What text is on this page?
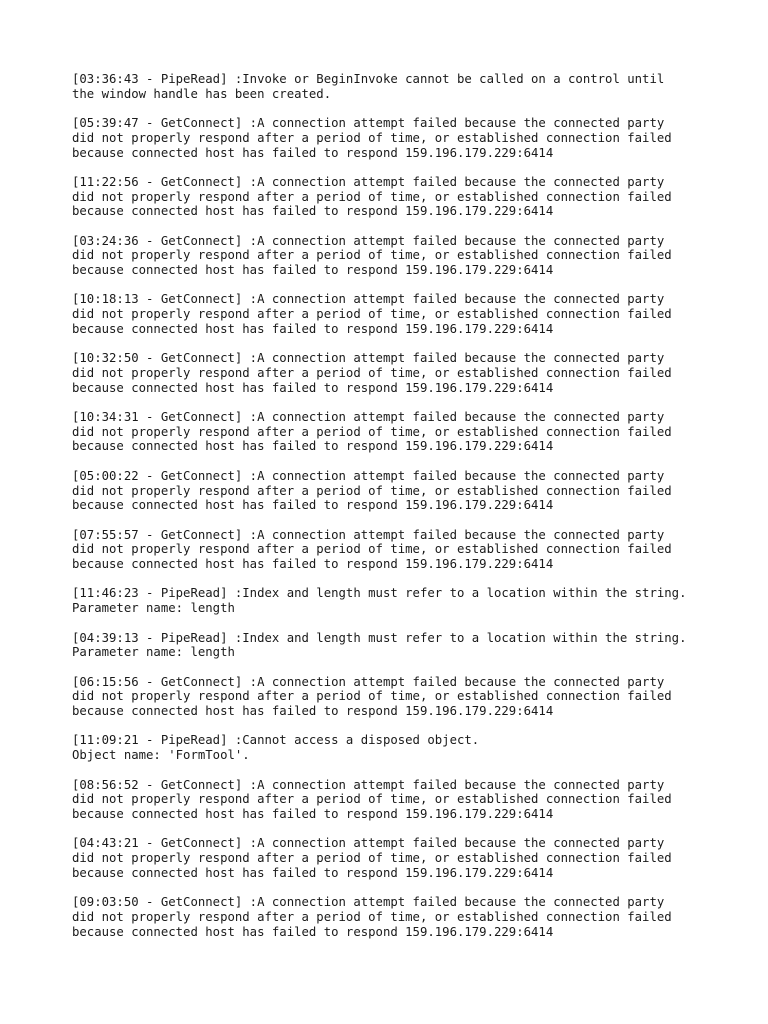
[03:36:43 - PipeRead] :Invoke or BeginInvoke cannot be called on a control until
the window handle has been created.
[05:39:47 - GetConnect] :A connection attempt failed because the connected party
did not properly respond after a period of time, or established connection failed
because connected host has failed to respond 159.196.179.229:6414
[11:22:56 - GetConnect] :A connection attempt failed because the connected party
did not properly respond after a period of time, or established connection failed
because connected host has failed to respond 159.196.179.229:6414
[03:24:36 - GetConnect] :A connection attempt failed because the connected party
did not properly respond after a period of time, or established connection failed
because connected host has failed to respond 159.196.179.229:6414
[10:18:13 - GetConnect] :A connection attempt failed because the connected party
did not properly respond after a period of time, or established connection failed
because connected host has failed to respond 159.196.179.229:6414
[10:32:50 - GetConnect] :A connection attempt failed because the connected party
did not properly respond after a period of time, or established connection failed
because connected host has failed to respond 159.196.179.229:6414
[10:34:31 - GetConnect] :A connection attempt failed because the connected party
did not properly respond after a period of time, or established connection failed
because connected host has failed to respond 159.196.179.229:6414
[05:00:22 - GetConnect] :A connection attempt failed because the connected party
did not properly respond after a period of time, or established connection failed
because connected host has failed to respond 159.196.179.229:6414
[07:55:57 - GetConnect] :A connection attempt failed because the connected party
did not properly respond after a period of time, or established connection failed
because connected host has failed to respond 159.196.179.229:6414
[11:46:23 - PipeRead] :Index and length must refer to a location within the string.
Parameter name: length
[04:39:13 - PipeRead] :Index and length must refer to a location within the string.
Parameter name: length
[06:15:56 - GetConnect] :A connection attempt failed because the connected party
did not properly respond after a period of time, or established connection failed
because connected host has failed to respond 159.196.179.229:6414
[11:09:21 - PipeRead] :Cannot access a disposed object.
Object name: 'FormTool'.
[08:56:52 - GetConnect] :A connection attempt failed because the connected party
did not properly respond after a period of time, or established connection failed
because connected host has failed to respond 159.196.179.229:6414
[04:43:21 - GetConnect] :A connection attempt failed because the connected party
did not properly respond after a period of time, or established connection failed
because connected host has failed to respond 159.196.179.229:6414
[09:03:50 - GetConnect] :A connection attempt failed because the connected party
did not properly respond after a period of time, or established connection failed
because connected host has failed to respond 159.196.179.229:6414
